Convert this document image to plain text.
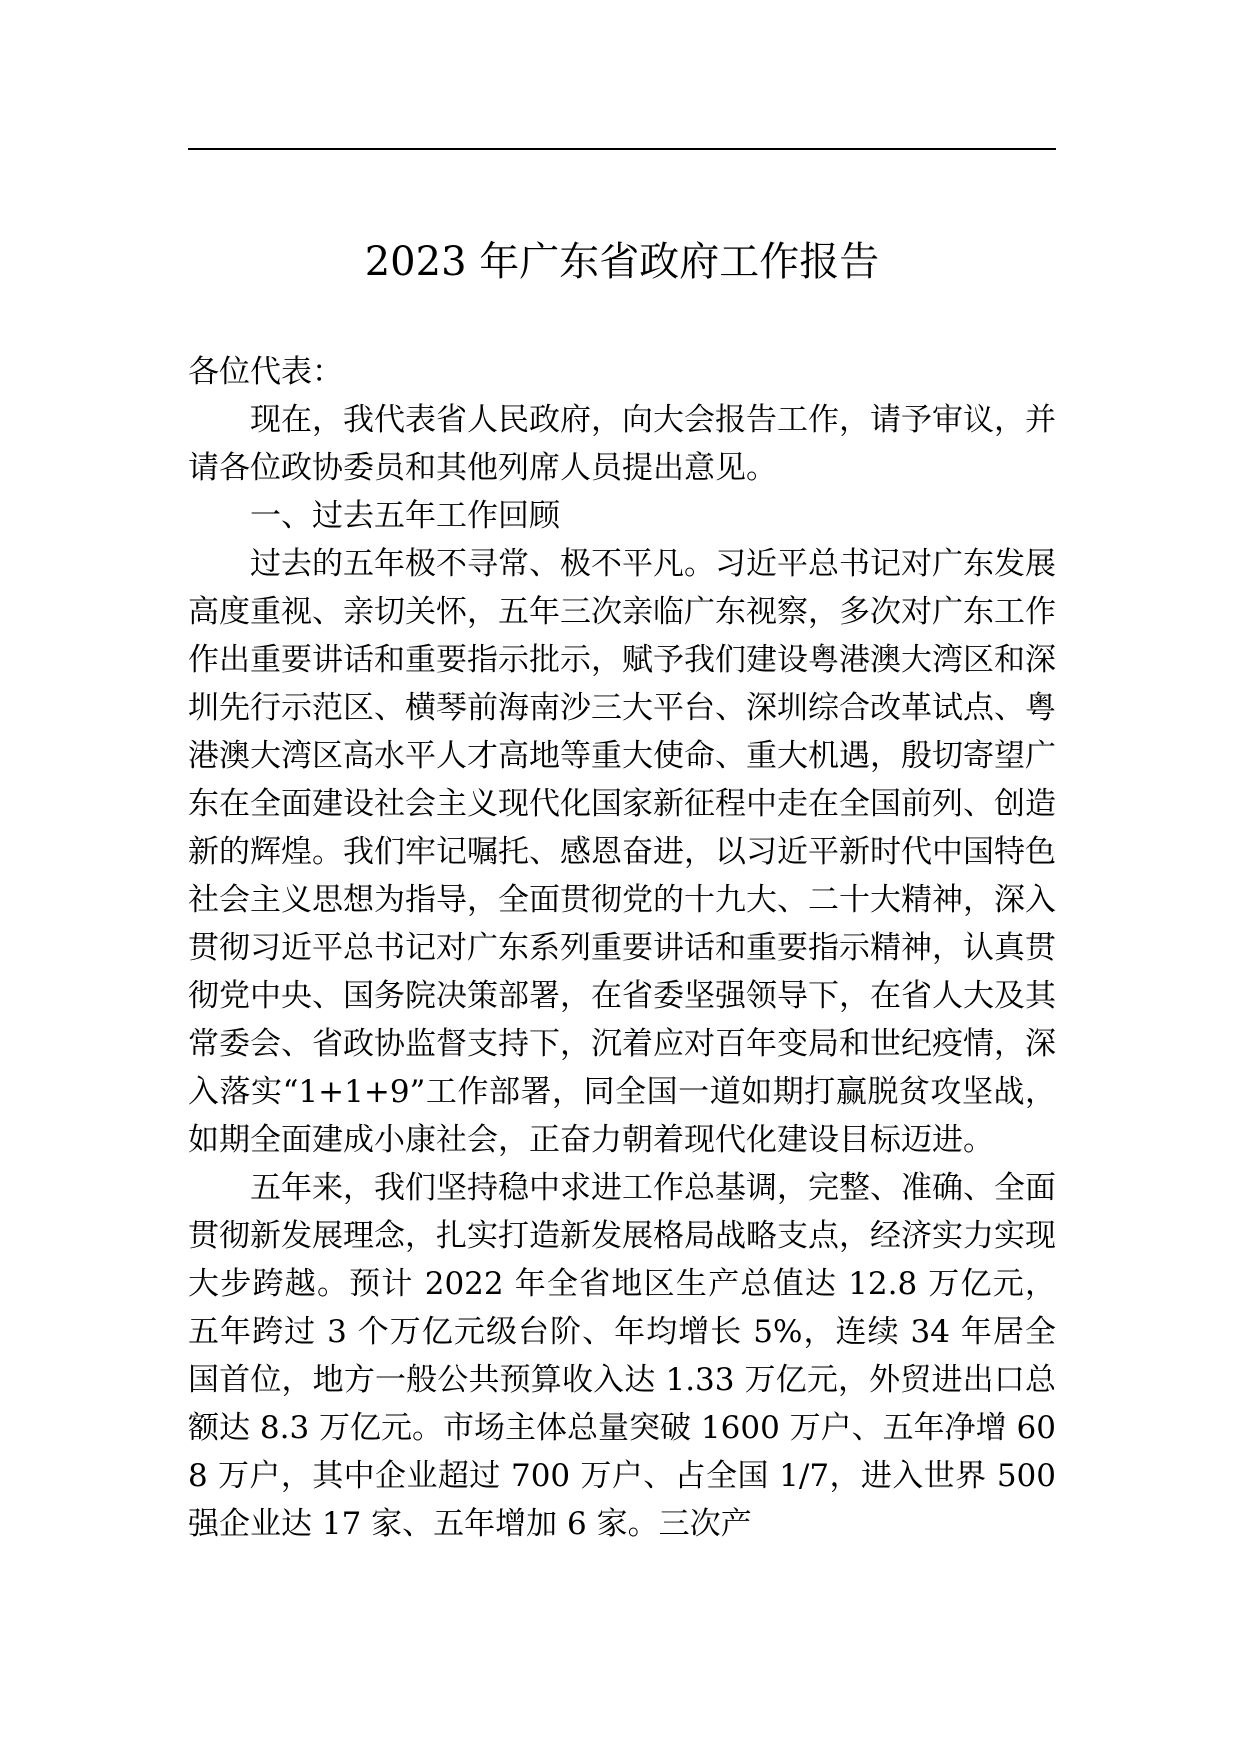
2023 年广东省政府工作报告

各位代表：

现在，我代表省人民政府，向大会报告工作，请予审议，并请各位政协委员和其他列席人员提出意见。

一、过去五年工作回顾

过去的五年极不寻常、极不平凡。习近平总书记对广东发展高度重视、亲切关怀，五年三次亲临广东视察，多次对广东工作作出重要讲话和重要指示批示，赋予我们建设粤港澳大湾区和深圳先行示范区、横琴前海南沙三大平台、深圳综合改革试点、粤港澳大湾区高水平人才高地等重大使命、重大机遇，殷切寄望广东在全面建设社会主义现代化国家新征程中走在全国前列、创造新的辉煌。我们牢记嘱托、感恩奋进，以习近平新时代中国特色社会主义思想为指导，全面贯彻党的十九大、二十大精神，深入贯彻习近平总书记对广东系列重要讲话和重要指示精神，认真贯彻党中央、国务院决策部署，在省委坚强领导下，在省人大及其常委会、省政协监督支持下，沉着应对百年变局和世纪疫情，深入落实“1+1+9”工作部署，同全国一道如期打赢脱贫攻坚战，如期全面建成小康社会，正奋力朝着现代化建设目标迈进。

五年来，我们坚持稳中求进工作总基调，完整、准确、全面贯彻新发展理念，扎实打造新发展格局战略支点，经济实力实现大步跨越。预计 2022 年全省地区生产总值达 12.8 万亿元，五年跨过 3 个万亿元级台阶、年均增长 5%，连续 34 年居全国首位，地方一般公共预算收入达 1.33 万亿元，外贸进出口总额达 8.3 万亿元。市场主体总量突破 1600 万户、五年净增 608 万户，其中企业超过 700 万户、占全国 1/7，进入世界 500 强企业达 17 家、五年增加 6 家。三次产
